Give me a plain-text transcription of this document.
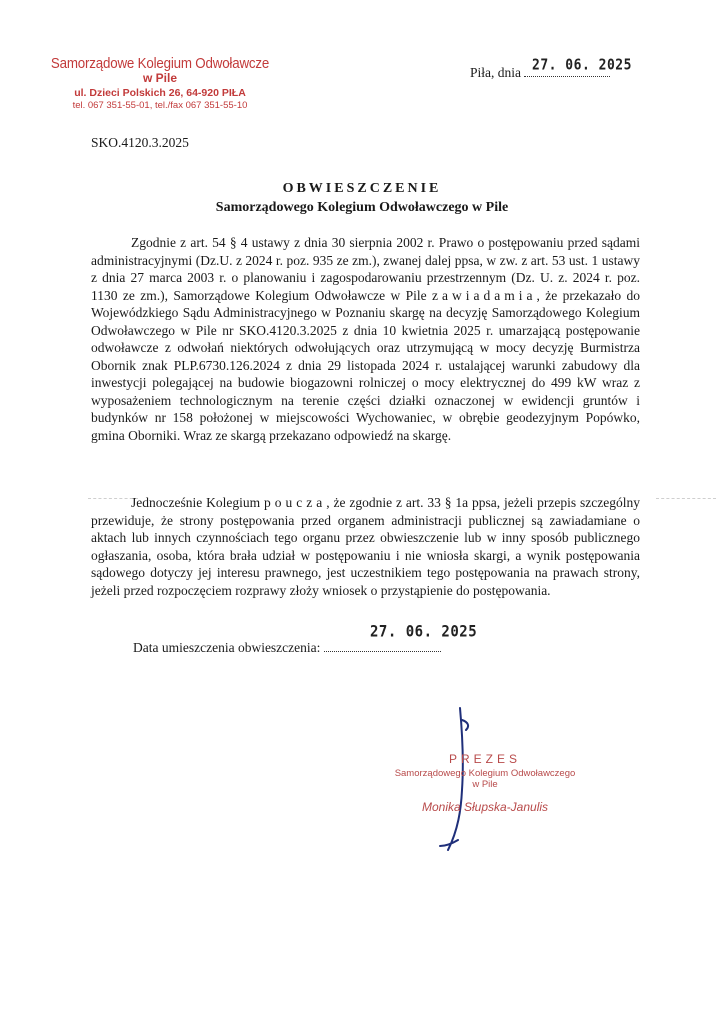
Samorządowe Kolegium Odwoławcze
w Pile
ul. Dzieci Polskich 26, 64-920 PIŁA
tel. 067 351-55-01, tel./fax 067 351-55-10
Piła, dnia 27. 06. 2025
SKO.4120.3.2025
OBWIESZCZENIE
Samorządowego Kolegium Odwoławczego w Pile
Zgodnie z art. 54 § 4 ustawy z dnia 30 sierpnia 2002 r. Prawo o postępowaniu przed sądami administracyjnymi (Dz.U. z 2024 r. poz. 935 ze zm.), zwanej dalej ppsa, w zw. z art. 53 ust. 1 ustawy z dnia 27 marca 2003 r. o planowaniu i zagospodarowaniu przestrzennym (Dz. U. z. 2024 r. poz. 1130 ze zm.), Samorządowe Kolegium Odwoławcze w Pile zawiadamia, że przekazało do Wojewódzkiego Sądu Administracyjnego w Poznaniu skargę na decyzję Samorządowego Kolegium Odwoławczego w Pile nr SKO.4120.3.2025 z dnia 10 kwietnia 2025 r. umarzającą postępowanie odwoławcze z odwołań niektórych odwołujących oraz utrzymującą w mocy decyzję Burmistrza Obornik znak PLP.6730.126.2024 z dnia 29 listopada 2024 r. ustalającej warunki zabudowy dla inwestycji polegającej na budowie biogazowni rolniczej o mocy elektrycznej do 499 kW wraz z wyposażeniem technologicznym na terenie części działki oznaczonej w ewidencji gruntów i budynków nr 158 położonej w miejscowości Wychowaniec, w obrębie geodezyjnym Popówko, gmina Oborniki. Wraz ze skargą przekazano odpowiedź na skargę.
Jednocześnie Kolegium poucza, że zgodnie z art. 33 § 1a ppsa, jeżeli przepis szczególny przewiduje, że strony postępowania przed organem administracji publicznej są zawiadamiane o aktach lub innych czynnościach tego organu przez obwieszczenie lub w inny sposób publicznego ogłaszania, osoba, która brała udział w postępowaniu i nie wniosła skargi, a wynik postępowania sądowego dotyczy jej interesu prawnego, jest uczestnikiem tego postępowania na prawach strony, jeżeli przed rozpoczęciem rozprawy złoży wniosek o przystąpienie do postępowania.
27. 06. 2025
Data umieszczenia obwieszczenia:
PREZES
Samorządowego Kolegium Odwoławczego
w Pile
Monika Słupska-Janulis
